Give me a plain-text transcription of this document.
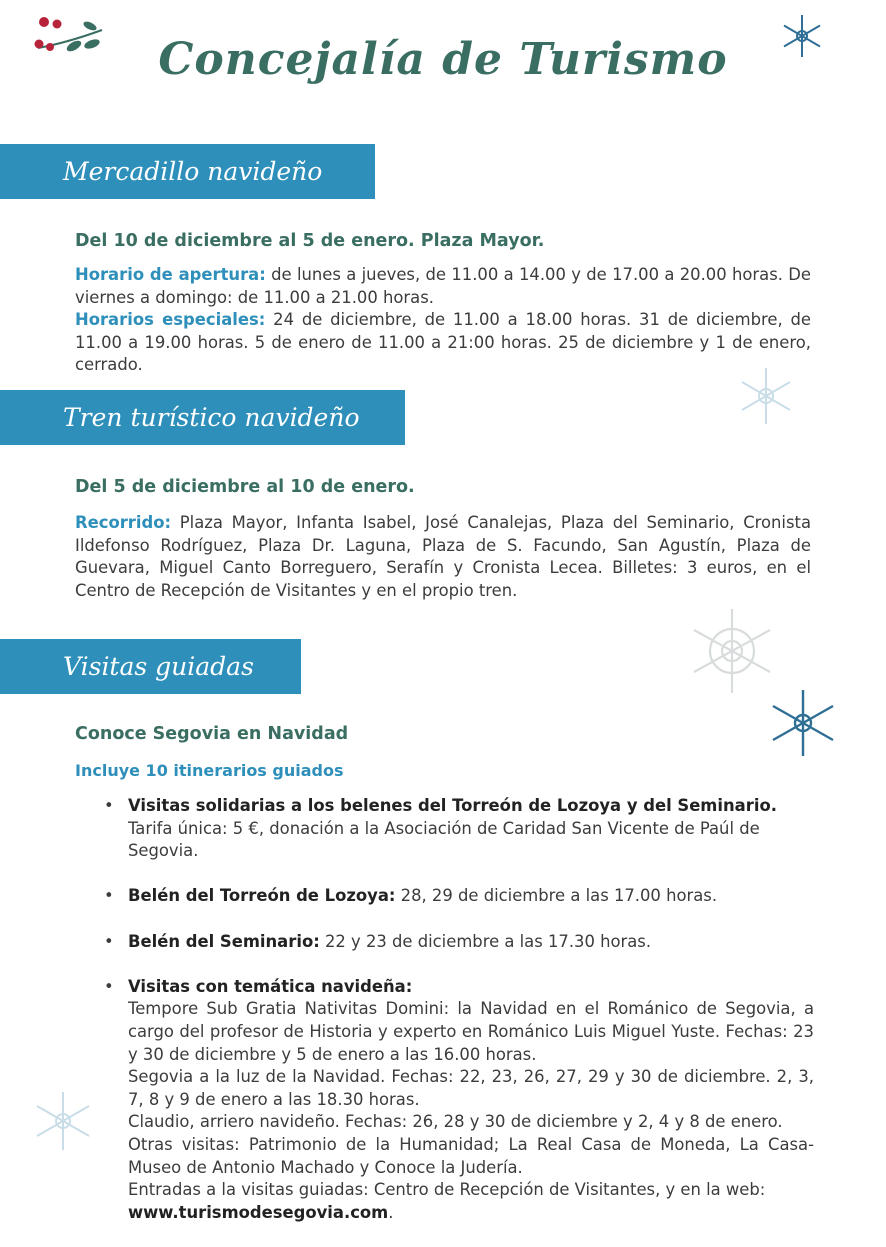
Concejalía de Turismo
Mercadillo navideño
Del 10 de diciembre al 5 de enero. Plaza Mayor.
Horario de apertura: de lunes a jueves, de 11.00 a 14.00 y de 17.00 a 20.00 horas. De viernes a domingo: de 11.00 a 21.00 horas.
Horarios especiales: 24 de diciembre, de 11.00 a 18.00 horas. 31 de diciembre, de 11.00 a 19.00 horas. 5 de enero de 11.00 a 21:00 horas. 25 de diciembre y 1 de enero, cerrado.
Tren turístico navideño
Del 5 de diciembre al 10 de enero.
Recorrido: Plaza Mayor, Infanta Isabel, José Canalejas, Plaza del Seminario, Cronista Ildefonso Rodríguez, Plaza Dr. Laguna, Plaza de S. Facundo, San Agustín, Plaza de Guevara, Miguel Canto Borreguero, Serafín y Cronista Lecea. Billetes: 3 euros, en el Centro de Recepción de Visitantes y en el propio tren.
Visitas guiadas
Conoce Segovia en Navidad
Incluye 10 itinerarios guiados
• Visitas solidarias a los belenes del Torreón de Lozoya y del Seminario.
Tarifa única: 5 €, donación a la Asociación de Caridad San Vicente de Paúl de Segovia.
• Belén del Torreón de Lozoya: 28, 29 de diciembre a las 17.00 horas.
• Belén del Seminario: 22 y 23 de diciembre a las 17.30 horas.
• Visitas con temática navideña:
Tempore Sub Gratia Nativitas Domini: la Navidad en el Románico de Segovia, a cargo del profesor de Historia y experto en Románico Luis Miguel Yuste. Fechas: 23 y 30 de diciembre y 5 de enero a las 16.00 horas.
Segovia a la luz de la Navidad. Fechas: 22, 23, 26, 27, 29 y 30 de diciembre. 2, 3, 7, 8 y 9 de enero a las 18.30 horas.
Claudio, arriero navideño. Fechas: 26, 28 y 30 de diciembre y 2, 4 y 8 de enero.
Otras visitas: Patrimonio de la Humanidad; La Real Casa de Moneda, La Casa-Museo de Antonio Machado y Conoce la Judería.
Entradas a la visitas guiadas: Centro de Recepción de Visitantes, y en la web:
www.turismodesegovia.com.
